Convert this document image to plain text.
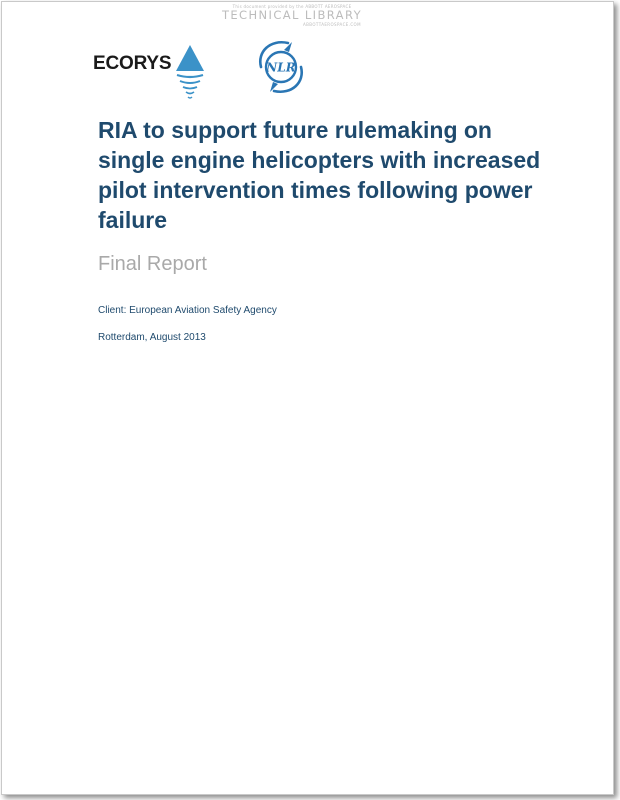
This document provided by the ABBOTT AEROSPACE
TECHNICAL LIBRARY
ABBOTTAEROSPACE.COM
ECORYS	NLR
RIA to support future rulemaking on single engine helicopters with increased pilot intervention times following power failure
Final Report
Client: European Aviation Safety Agency
Rotterdam, August 2013
